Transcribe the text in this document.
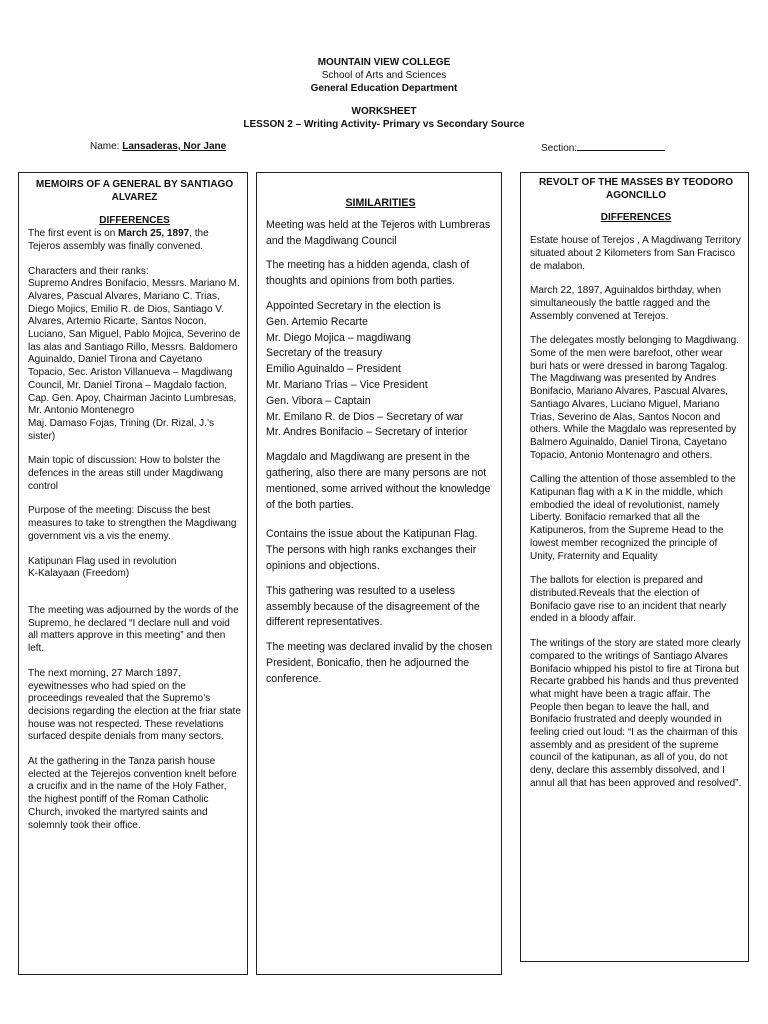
MOUNTAIN VIEW COLLEGE
School of Arts and Sciences
General Education Department
WORKSHEET
LESSON 2 – Writing Activity- Primary vs Secondary Source
Name: Lansaderas, Nor Jane	Section:
MEMOIRS OF A GENERAL BY SANTIAGO ALVAREZ
DIFFERENCES

The first event is on March 25, 1897, the Tejeros assembly was finally convened.

Characters and their ranks:
Supremo Andres Bonifacio, Messrs. Mariano M. Alvares, Pascual Alvares, Mariano C. Trias, Diego Mojics, Emilio R. de Dios, Santiago V. Alvares, Artemio Ricarte, Santos Nocon, Luciano, San Miguel, Pablo Mojica, Severino de las alas and Santiago Rillo, Messrs. Baldomero Aguinaldo, Daniel Tirona and Cayetano Topacio, Sec. Ariston Villanueva – Magdiwang Council, Mr. Daniel Tirona – Magdalo faction, Cap. Gen. Apoy, Chairman Jacinto Lumbresas, Mr. Antonio Montenegro
Maj. Damaso Fojas, Trining (Dr. Rizal, J.’s sister)

Main topic of discussion: How to bolster the defences in the areas still under Magdiwang control

Purpose of the meeting: Discuss the best measures to take to strengthen the Magdiwang government vis a vis the enemy.

Katipunan Flag used in revolution
K-Kalayaan (Freedom)

The meeting was adjourned by the words of the Supremo, he declared “I declare null and void all matters approve in this meeting” and then left.

The next morning, 27 March 1897, eyewitnesses who had spied on the proceedings revealed that the Supremo’s decisions regarding the election at the friar state house was not respected. These revelations surfaced despite denials from many sectors.

At the gathering in the Tanza parish house elected at the Tejerejos convention knelt before a crucifix and in the name of the Holy Father, the highest pontiff of the Roman Catholic Church, invoked the martyred saints and solemnly took their office.

SIMILARITIES

Meeting was held at the Tejeros with Lumbreras and the Magdiwang Council

The meeting has a hidden agenda, clash of thoughts and opinions from both parties.

Appointed Secretary in the election is
Gen. Artemio Recarte
Mr. Diego Mojica – magdiwang
Secretary of the treasury
Emilio Aguinaldo – President
Mr. Mariano Trias – Vice President
Gen. Vibora – Captain
Mr. Emilano R. de Dios – Secretary of war
Mr. Andres Bonifacio – Secretary of interior

Magdalo and Magdiwang are present in the gathering, also there are many persons are not mentioned, some arrived without the knowledge of the both parties.

Contains the issue about the Katipunan Flag. The persons with high ranks exchanges their opinions and objections.

This gathering was resulted to a useless assembly because of the disagreement of the different representatives.

The meeting was declared invalid by the chosen President, Bonicafio, then he adjourned the conference.

REVOLT OF THE MASSES BY TEODORO AGONCILLO
DIFFERENCES

Estate house of Terejos , A Magdiwang Territory situated about 2 Kilometers from San Fracisco de malabon.

March 22, 1897, Aguinaldos birthday, when simultaneously the battle ragged and the Assembly convened at Terejos.

The delegates mostly belonging to Magdiwang. Some of the men were barefoot, other wear buri hats or were dressed in barong Tagalog. The Magdiwang was presented by Andres Bonifacio, Mariano Alvares, Pascual Alvares, Santiago Alvares, Luciano Miguel, Mariano Trias, Severino de Alas, Santos Nocon and others. While the Magdalo was represented by Balmero Aguinaldo, Daniel Tirona, Cayetano Topacio, Antonio Montenagro and others.

Calling the attention of those assembled to the Katipunan flag with a K in the middle, which embodied the ideal of revolutionist, namely Liberty. Bonifacio remarked that all the Katipuneros, from the Supreme Head to the lowest member recognized the principle of Unity, Fraternity and Equality

The ballots for election is prepared and distributed.Reveals that the election of Bonifacio gave rise to an incident that nearly ended in a bloody affair.

The writings of the story are stated more clearly compared to the writings of Santiago Alvares
Bonifacio whipped his pistol to fire at Tirona but Recarte grabbed his hands and thus prevented what might have been a tragic affair. The People then began to leave the hall, and Bonifacio frustrated and deeply wounded in feeling cried out loud: “I as the chairman of this assembly and as president of the supreme council of the katipunan, as all of you, do not deny, declare this assembly dissolved, and I annul all that has been approved and resolved”.
